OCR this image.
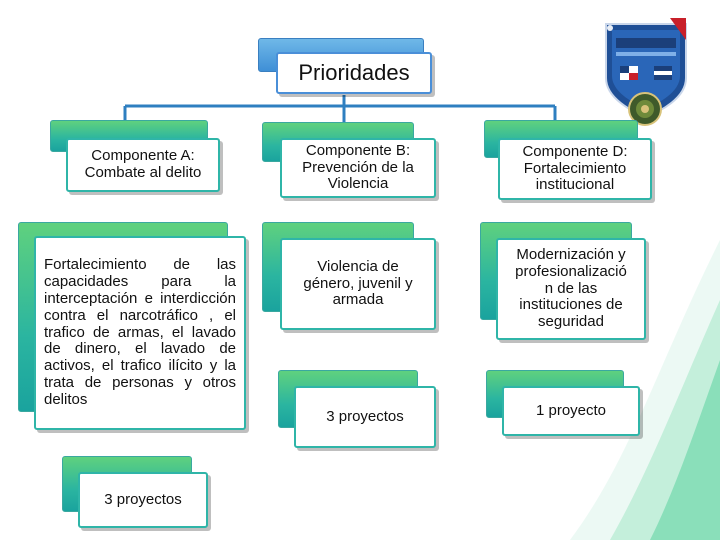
Prioridades
Componente A:
Combate al delito
Fortalecimiento de las capacidades para la interceptación e interdicción contra el narcotráfico , el trafico de armas, el lavado de dinero, el lavado de activos, el trafico ilícito y la trata de personas y otros delitos
3 proyectos
Componente B:
Prevención de la
Violencia
Violencia de
género, juvenil y
armada
3 proyectos
Componente D:
Fortalecimiento
institucional
Modernización y
profesionalizació
n de las
instituciones de
seguridad
1 proyecto
